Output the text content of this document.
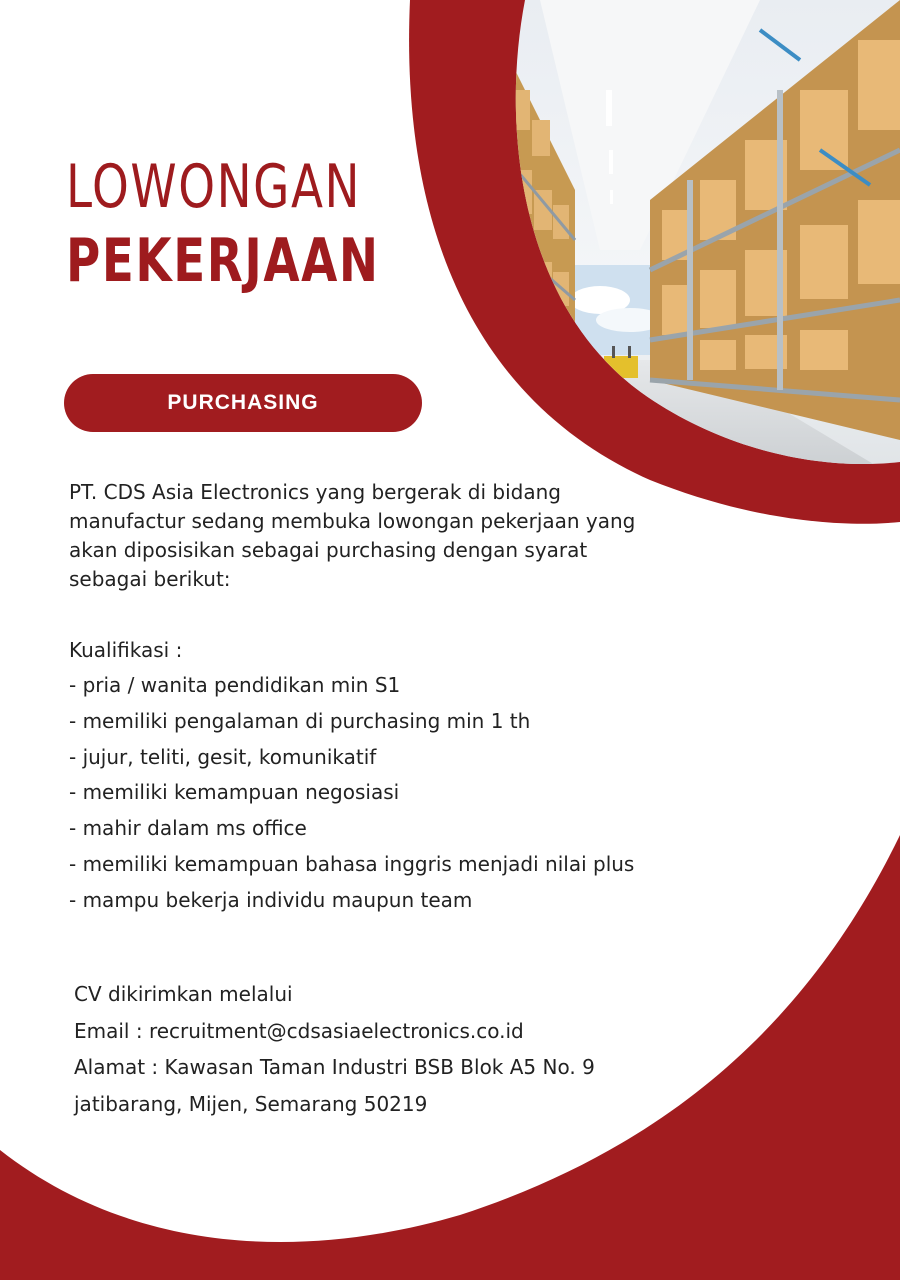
LOWONGAN
PEKERJAAN
PURCHASING

PT. CDS Asia Electronics yang bergerak di bidang manufactur sedang membuka lowongan pekerjaan yang akan diposisikan sebagai purchasing dengan syarat sebagai berikut:

Kualifikasi :
- pria / wanita pendidikan min S1
- memiliki pengalaman di purchasing min 1 th
- jujur, teliti, gesit, komunikatif
- memiliki kemampuan negosiasi
- mahir dalam ms office
- memiliki kemampuan bahasa inggris menjadi nilai plus
- mampu bekerja individu maupun team
CV dikirimkan melalui
Email : recruitment@cdsasiaelectronics.co.id
Alamat : Kawasan Taman Industri BSB Blok A5 No. 9
jatibarang, Mijen, Semarang 50219
